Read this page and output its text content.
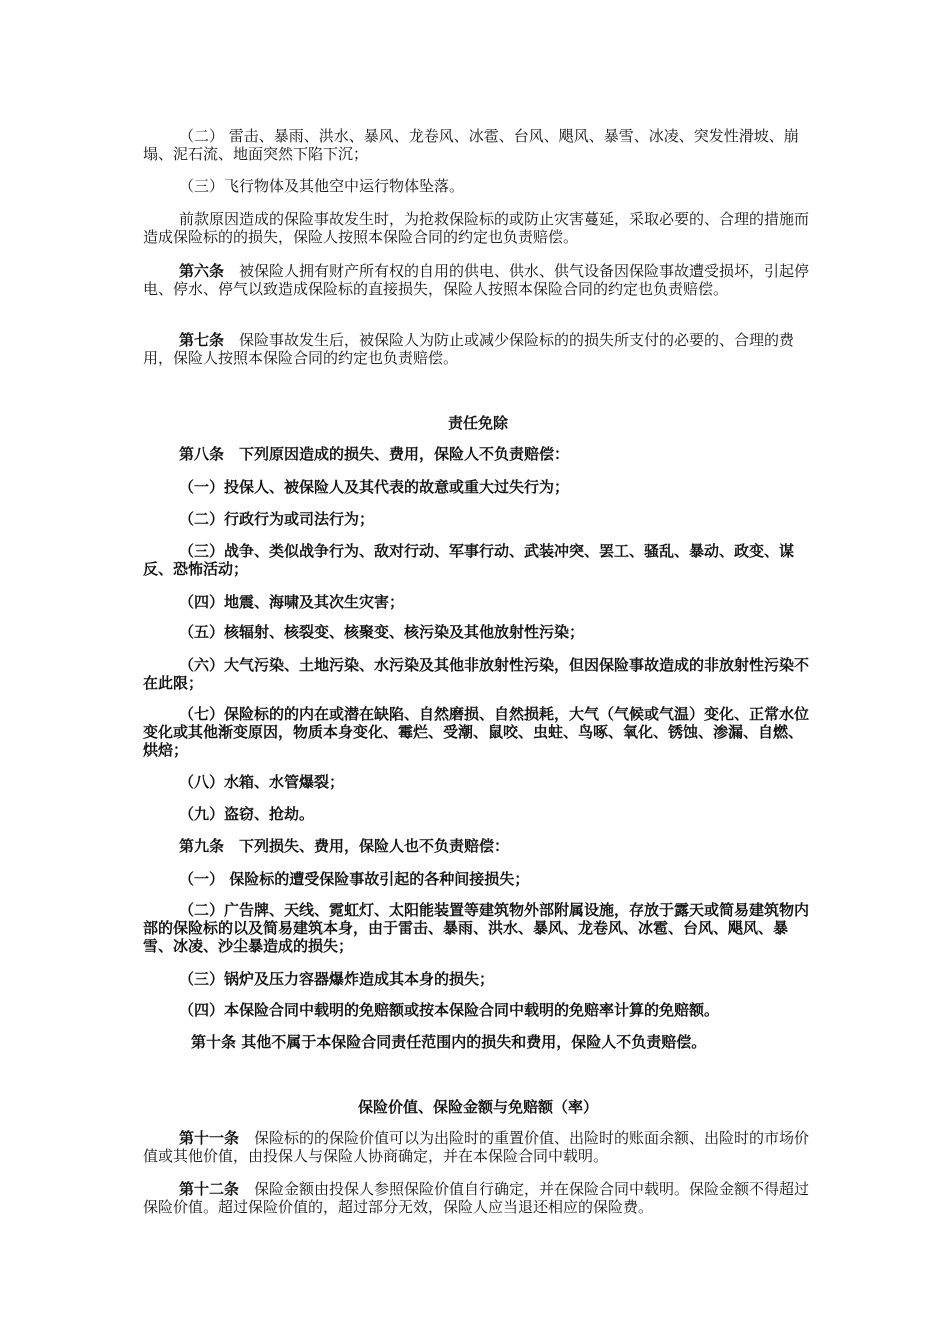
（二） 雷击、暴雨、洪水、暴风、龙卷风、冰雹、台风、飓风、暴雪、冰凌、突发性滑坡、崩塌、泥石流、地面突然下陷下沉；

（三）飞行物体及其他空中运行物体坠落。

前款原因造成的保险事故发生时，为抢救保险标的或防止灾害蔓延，采取必要的、合理的措施而造成保险标的的损失，保险人按照本保险合同的约定也负责赔偿。

第六条　 被保险人拥有财产所有权的自用的供电、供水、供气设备因保险事故遭受损坏，引起停电、停水、停气以致造成保险标的直接损失，保险人按照本保险合同的约定也负责赔偿。

第七条　 保险事故发生后，被保险人为防止或减少保险标的的损失所支付的必要的、合理的费用，保险人按照本保险合同的约定也负责赔偿。

责任免除

第八条　下列原因造成的损失、费用，保险人不负责赔偿：

（一）投保人、被保险人及其代表的故意或重大过失行为；

（二）行政行为或司法行为；

（三）战争、类似战争行为、敌对行动、军事行动、武装冲突、罢工、骚乱、暴动、政变、谋反、恐怖活动；

（四）地震、海啸及其次生灾害；

（五）核辐射、核裂变、核聚变、核污染及其他放射性污染；

（六）大气污染、土地污染、水污染及其他非放射性污染，但因保险事故造成的非放射性污染不在此限；

（七）保险标的的内在或潜在缺陷、自然磨损、自然损耗，大气（气候或气温）变化、正常水位变化或其他渐变原因，物质本身变化、霉烂、受潮、鼠咬、虫蛀、鸟啄、氧化、锈蚀、渗漏、自燃、烘焙；

（八）水箱、水管爆裂；

（九）盗窃、抢劫。

第九条　下列损失、费用，保险人也不负责赔偿：

（一） 保险标的遭受保险事故引起的各种间接损失；

（二）广告牌、天线、霓虹灯、太阳能装置等建筑物外部附属设施，存放于露天或简易建筑物内部的保险标的以及简易建筑本身，由于雷击、暴雨、洪水、暴风、龙卷风、冰雹、台风、飓风、暴雪、冰凌、沙尘暴造成的损失；

（三）锅炉及压力容器爆炸造成其本身的损失；

（四）本保险合同中载明的免赔额或按本保险合同中载明的免赔率计算的免赔额。

第十条 其他不属于本保险合同责任范围内的损失和费用，保险人不负责赔偿。

保险价值、保险金额与免赔额（率）

第十一条　 保险标的的保险价值可以为出险时的重置价值、出险时的账面余额、出险时的市场价值或其他价值，由投保人与保险人协商确定，并在本保险合同中载明。

第十二条　 保险金额由投保人参照保险价值自行确定，并在保险合同中载明。保险金额不得超过保险价值。超过保险价值的，超过部分无效，保险人应当退还相应的保险费。
